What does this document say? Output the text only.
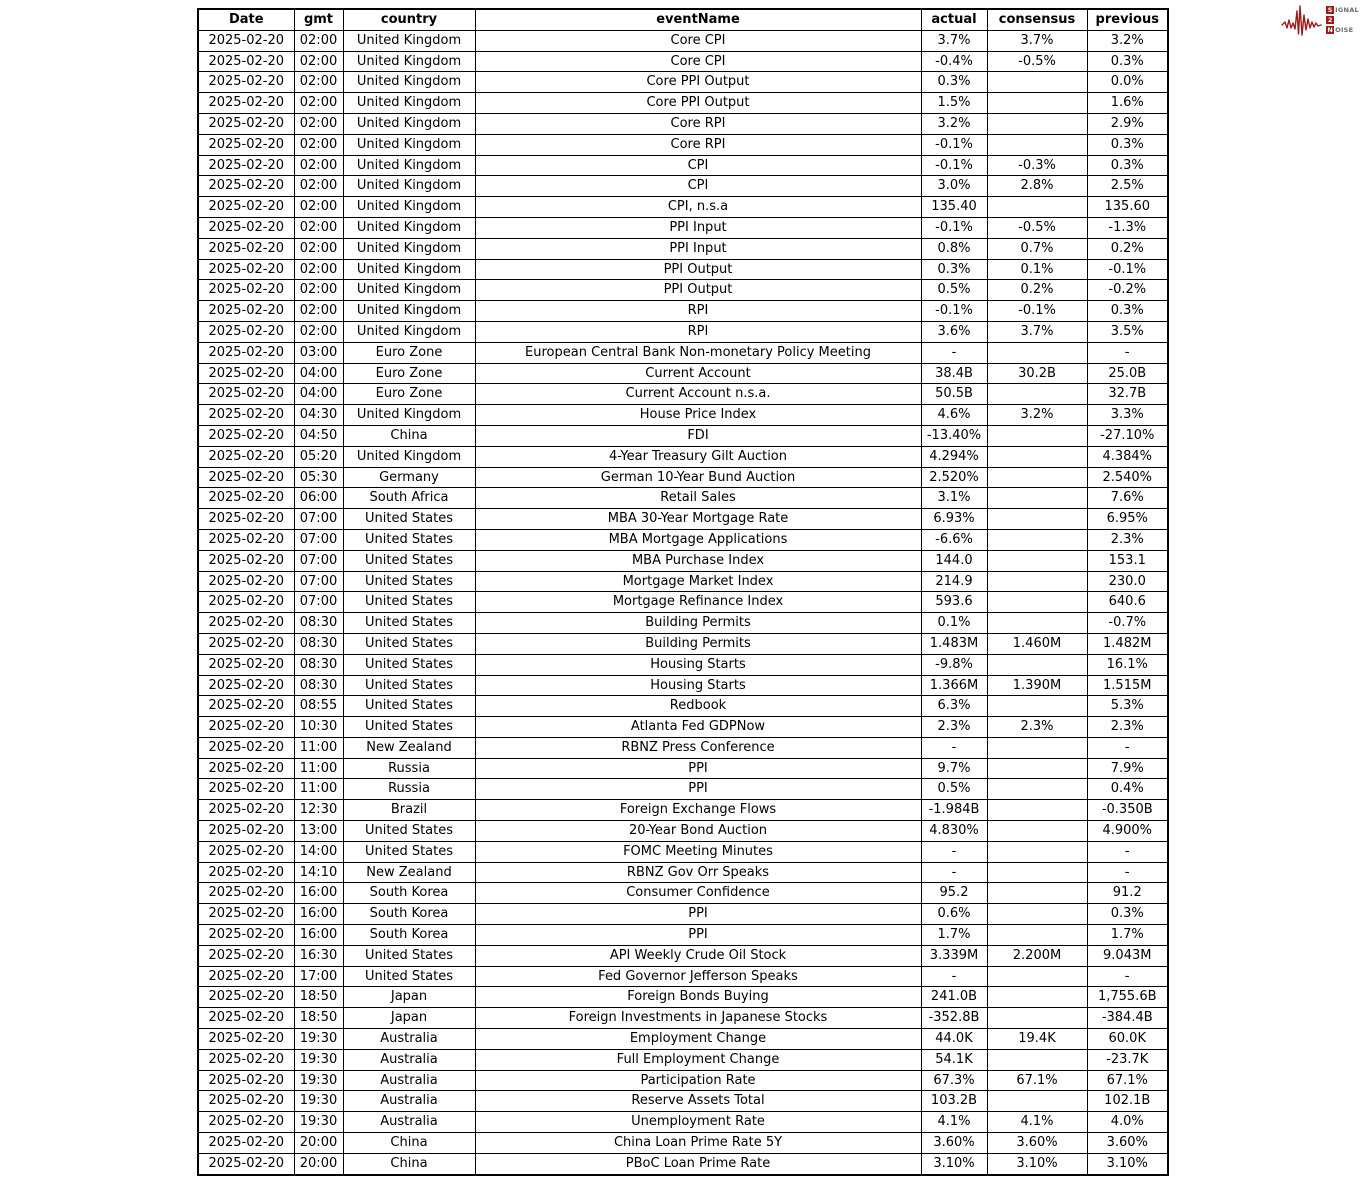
S IGNAL
2
N OISE
Date	gmt	country	eventName	actual	consensus	previous
2025-02-20	02:00	United Kingdom	Core CPI	3.7%	3.7%	3.2%
2025-02-20	02:00	United Kingdom	Core CPI	-0.4%	-0.5%	0.3%
2025-02-20	02:00	United Kingdom	Core PPI Output	0.3%		0.0%
2025-02-20	02:00	United Kingdom	Core PPI Output	1.5%		1.6%
2025-02-20	02:00	United Kingdom	Core RPI	3.2%		2.9%
2025-02-20	02:00	United Kingdom	Core RPI	-0.1%		0.3%
2025-02-20	02:00	United Kingdom	CPI	-0.1%	-0.3%	0.3%
2025-02-20	02:00	United Kingdom	CPI	3.0%	2.8%	2.5%
2025-02-20	02:00	United Kingdom	CPI, n.s.a	135.40		135.60
2025-02-20	02:00	United Kingdom	PPI Input	-0.1%	-0.5%	-1.3%
2025-02-20	02:00	United Kingdom	PPI Input	0.8%	0.7%	0.2%
2025-02-20	02:00	United Kingdom	PPI Output	0.3%	0.1%	-0.1%
2025-02-20	02:00	United Kingdom	PPI Output	0.5%	0.2%	-0.2%
2025-02-20	02:00	United Kingdom	RPI	-0.1%	-0.1%	0.3%
2025-02-20	02:00	United Kingdom	RPI	3.6%	3.7%	3.5%
2025-02-20	03:00	Euro Zone	European Central Bank Non-monetary Policy Meeting	-		-
2025-02-20	04:00	Euro Zone	Current Account	38.4B	30.2B	25.0B
2025-02-20	04:00	Euro Zone	Current Account n.s.a.	50.5B		32.7B
2025-02-20	04:30	United Kingdom	House Price Index	4.6%	3.2%	3.3%
2025-02-20	04:50	China	FDI	-13.40%		-27.10%
2025-02-20	05:20	United Kingdom	4-Year Treasury Gilt Auction	4.294%		4.384%
2025-02-20	05:30	Germany	German 10-Year Bund Auction	2.520%		2.540%
2025-02-20	06:00	South Africa	Retail Sales	3.1%		7.6%
2025-02-20	07:00	United States	MBA 30-Year Mortgage Rate	6.93%		6.95%
2025-02-20	07:00	United States	MBA Mortgage Applications	-6.6%		2.3%
2025-02-20	07:00	United States	MBA Purchase Index	144.0		153.1
2025-02-20	07:00	United States	Mortgage Market Index	214.9		230.0
2025-02-20	07:00	United States	Mortgage Refinance Index	593.6		640.6
2025-02-20	08:30	United States	Building Permits	0.1%		-0.7%
2025-02-20	08:30	United States	Building Permits	1.483M	1.460M	1.482M
2025-02-20	08:30	United States	Housing Starts	-9.8%		16.1%
2025-02-20	08:30	United States	Housing Starts	1.366M	1.390M	1.515M
2025-02-20	08:55	United States	Redbook	6.3%		5.3%
2025-02-20	10:30	United States	Atlanta Fed GDPNow	2.3%	2.3%	2.3%
2025-02-20	11:00	New Zealand	RBNZ Press Conference	-		-
2025-02-20	11:00	Russia	PPI	9.7%		7.9%
2025-02-20	11:00	Russia	PPI	0.5%		0.4%
2025-02-20	12:30	Brazil	Foreign Exchange Flows	-1.984B		-0.350B
2025-02-20	13:00	United States	20-Year Bond Auction	4.830%		4.900%
2025-02-20	14:00	United States	FOMC Meeting Minutes	-		-
2025-02-20	14:10	New Zealand	RBNZ Gov Orr Speaks	-		-
2025-02-20	16:00	South Korea	Consumer Confidence	95.2		91.2
2025-02-20	16:00	South Korea	PPI	0.6%		0.3%
2025-02-20	16:00	South Korea	PPI	1.7%		1.7%
2025-02-20	16:30	United States	API Weekly Crude Oil Stock	3.339M	2.200M	9.043M
2025-02-20	17:00	United States	Fed Governor Jefferson Speaks	-		-
2025-02-20	18:50	Japan	Foreign Bonds Buying	241.0B		1,755.6B
2025-02-20	18:50	Japan	Foreign Investments in Japanese Stocks	-352.8B		-384.4B
2025-02-20	19:30	Australia	Employment Change	44.0K	19.4K	60.0K
2025-02-20	19:30	Australia	Full Employment Change	54.1K		-23.7K
2025-02-20	19:30	Australia	Participation Rate	67.3%	67.1%	67.1%
2025-02-20	19:30	Australia	Reserve Assets Total	103.2B		102.1B
2025-02-20	19:30	Australia	Unemployment Rate	4.1%	4.1%	4.0%
2025-02-20	20:00	China	China Loan Prime Rate 5Y	3.60%	3.60%	3.60%
2025-02-20	20:00	China	PBoC Loan Prime Rate	3.10%	3.10%	3.10%
